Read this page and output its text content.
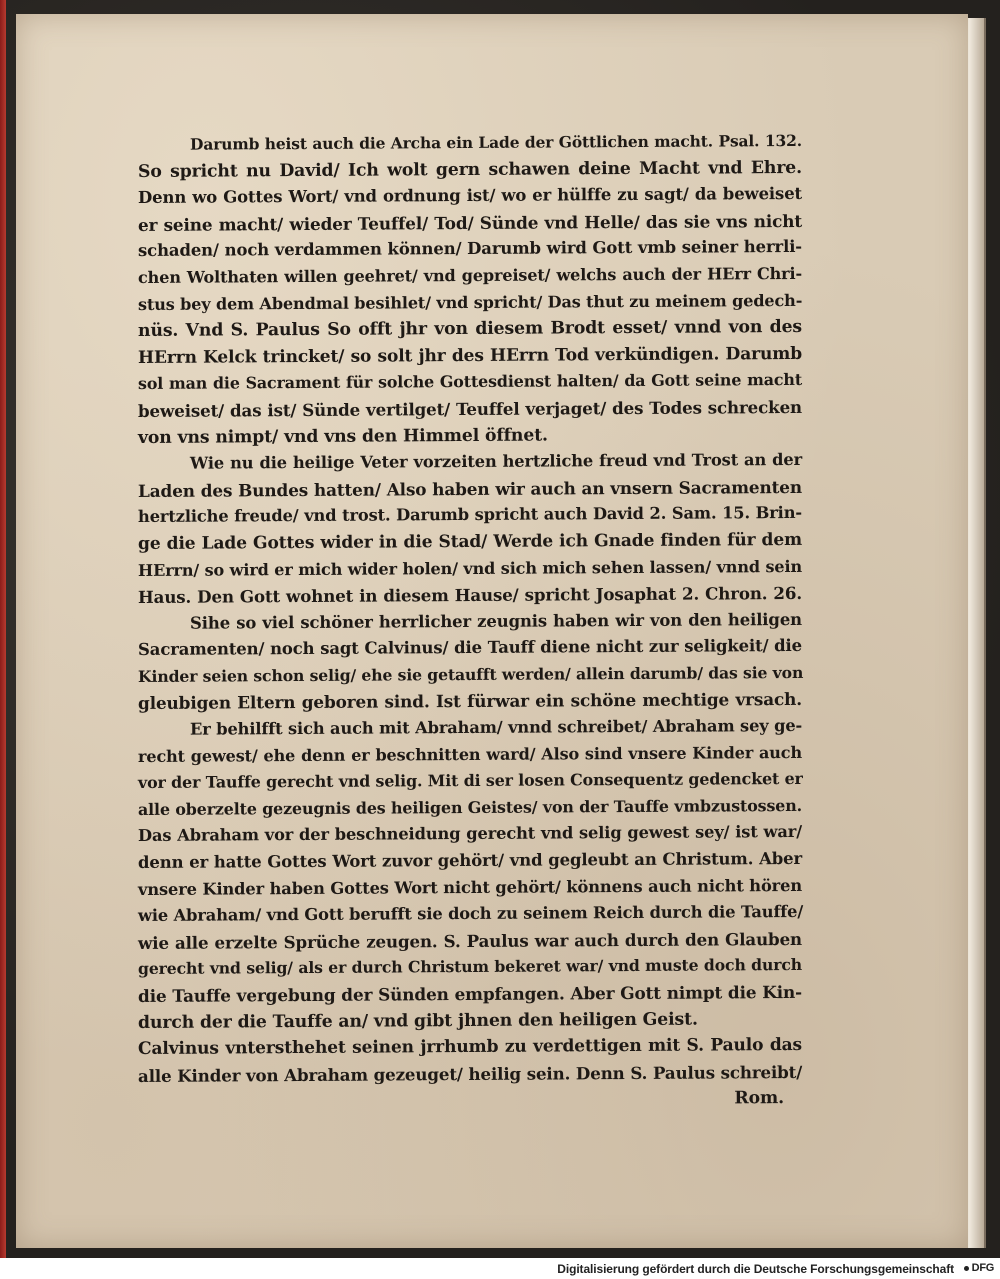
Darumb heist auch die Archa ein Lade der Göttlichen macht. Psal. 132.
So spricht nu David/ Ich wolt gern schawen deine Macht vnd Ehre.
Denn wo Gottes Wort/ vnd ordnung ist/ wo er hülffe zu sagt/ da beweiset
er seine macht/ wieder Teuffel/ Tod/ Sünde vnd Helle/ das sie vns nicht
schaden/ noch verdammen können/ Darumb wird Gott vmb seiner herrli-
chen Wolthaten willen geehret/ vnd gepreiset/ welchs auch der HErr Chri-
stus bey dem Abendmal besihlet/ vnd spricht/ Das thut zu meinem gedech-
nüs. Vnd S. Paulus So offt jhr von diesem Brodt esset/ vnnd von des
HErrn Kelck trincket/ so solt jhr des HErrn Tod verkündigen. Darumb
sol man die Sacrament für solche Gottesdienst halten/ da Gott seine macht
beweiset/ das ist/ Sünde vertilget/ Teuffel verjaget/ des Todes schrecken
von vns nimpt/ vnd vns den Himmel öffnet.
Wie nu die heilige Veter vorzeiten hertzliche freud vnd Trost an der
Laden des Bundes hatten/ Also haben wir auch an vnsern Sacramenten
hertzliche freude/ vnd trost. Darumb spricht auch David 2. Sam. 15. Brin-
ge die Lade Gottes wider in die Stad/ Werde ich Gnade finden für dem
HErrn/ so wird er mich wider holen/ vnd sich mich sehen lassen/ vnnd sein
Haus. Den Gott wohnet in diesem Hause/ spricht Josaphat 2. Chron. 26.
Sihe so viel schöner herrlicher zeugnis haben wir von den heiligen
Sacramenten/ noch sagt Calvinus/ die Tauff diene nicht zur seligkeit/ die
Kinder seien schon selig/ ehe sie getaufft werden/ allein darumb/ das sie von
gleubigen Eltern geboren sind. Ist fürwar ein schöne mechtige vrsach.
Er behilfft sich auch mit Abraham/ vnnd schreibet/ Abraham sey ge-
recht gewest/ ehe denn er beschnitten ward/ Also sind vnsere Kinder auch
vor der Tauffe gerecht vnd selig. Mit di ser losen Consequentz gedencket er
alle oberzelte gezeugnis des heiligen Geistes/ von der Tauffe vmbzustossen.
Das Abraham vor der beschneidung gerecht vnd selig gewest sey/ ist war/
denn er hatte Gottes Wort zuvor gehört/ vnd gegleubt an Christum. Aber
vnsere Kinder haben Gottes Wort nicht gehört/ könnens auch nicht hören
wie Abraham/ vnd Gott berufft sie doch zu seinem Reich durch die Tauffe/
wie alle erzelte Sprüche zeugen. S. Paulus war auch durch den Glauben
gerecht vnd selig/ als er durch Christum bekeret war/ vnd muste doch durch
die Tauffe vergebung der Sünden empfangen. Aber Gott nimpt die Kin-
durch der die Tauffe an/ vnd gibt jhnen den heiligen Geist.
Calvinus vntersthehet seinen jrrhumb zu verdettigen mit S. Paulo das
alle Kinder von Abraham gezeuget/ heilig sein. Denn S. Paulus schreibt/
Rom.
Digitalisierung gefördert durch die Deutsche Forschungsgemeinschaft	DFG
